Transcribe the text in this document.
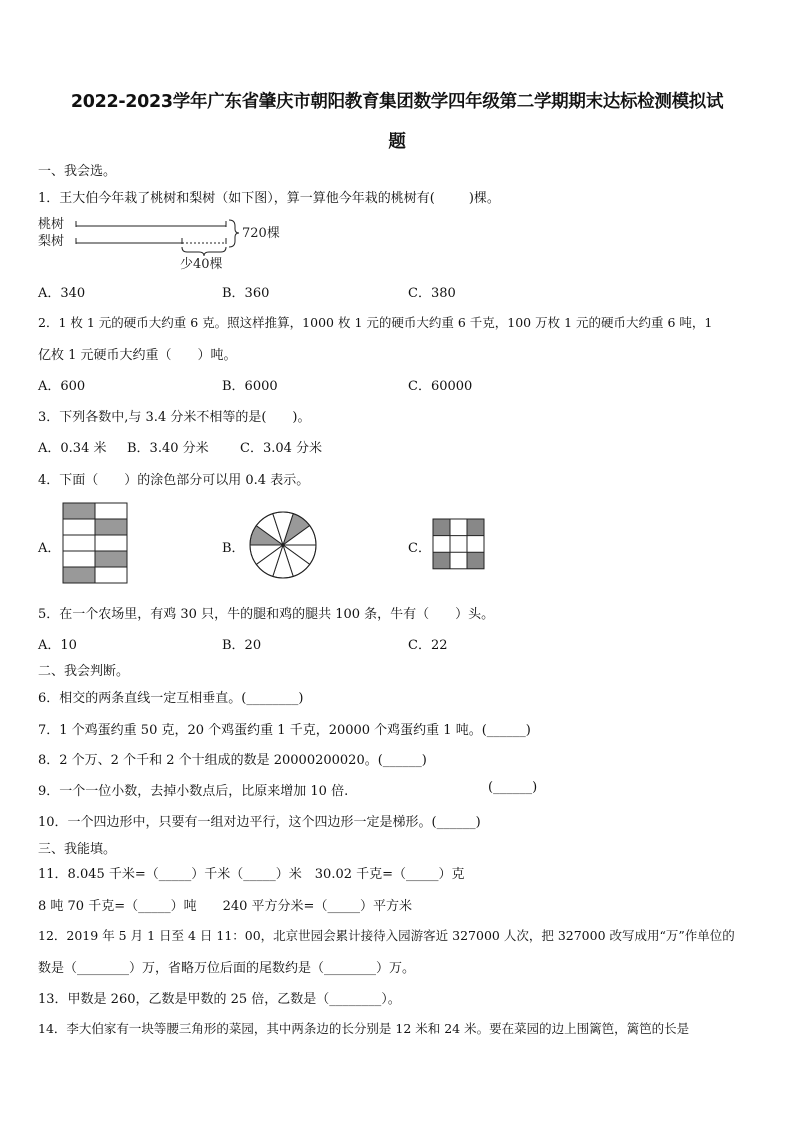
2022-2023学年广东省肇庆市朝阳教育集团数学四年级第二学期期末达标检测模拟试
题
一、我会选。
1．王大伯今年栽了桃树和梨树（如下图），算一算他今年栽的桃树有(	)棵。
桃树
梨树
720棵
少40棵
A．340	B．360	C．380
2．1 枚 1 元的硬币大约重 6 克。照这样推算，1000 枚 1 元的硬币大约重 6 千克，100 万枚 1 元的硬币大约重 6 吨，1
亿枚 1 元硬币大约重（　　）吨。
A．600	B．6000	C．60000
3．下列各数中,与 3.4 分米不相等的是(　　)。
A．0.34 米 B．3.40 分米 C．3.04 分米
4．下面（　　）的涂色部分可以用 0.4 表示。
A．	B．	C．
5．在一个农场里，有鸡 30 只，牛的腿和鸡的腿共 100 条，牛有（　　）头。
A．10	B．20	C．22
二、我会判断。
6．相交的两条直线一定互相垂直。(________)
7．1 个鸡蛋约重 50 克，20 个鸡蛋约重 1 千克，20000 个鸡蛋约重 1 吨。(______)
8．2 个万、2 个千和 2 个十组成的数是 20000200020。(______)
9．一个一位小数，去掉小数点后，比原来增加 10 倍.	(______)
10．一个四边形中，只要有一组对边平行，这个四边形一定是梯形。(______)
三、我能填。
11．8.045 千米=（_____）千米（_____）米　30.02 千克=（_____）克
8 吨 70 千克=（_____）吨　　240 平方分米=（_____）平方米
12．2019 年 5 月 1 日至 4 日 11：00，北京世园会累计接待入园游客近 327000 人次，把 327000 改写成用“万”作单位的
数是（________）万，省略万位后面的尾数约是（________）万。
13．甲数是 260，乙数是甲数的 25 倍，乙数是（________）。
14．李大伯家有一块等腰三角形的菜园，其中两条边的长分别是 12 米和 24 米。要在菜园的边上围篱笆，篱笆的长是
